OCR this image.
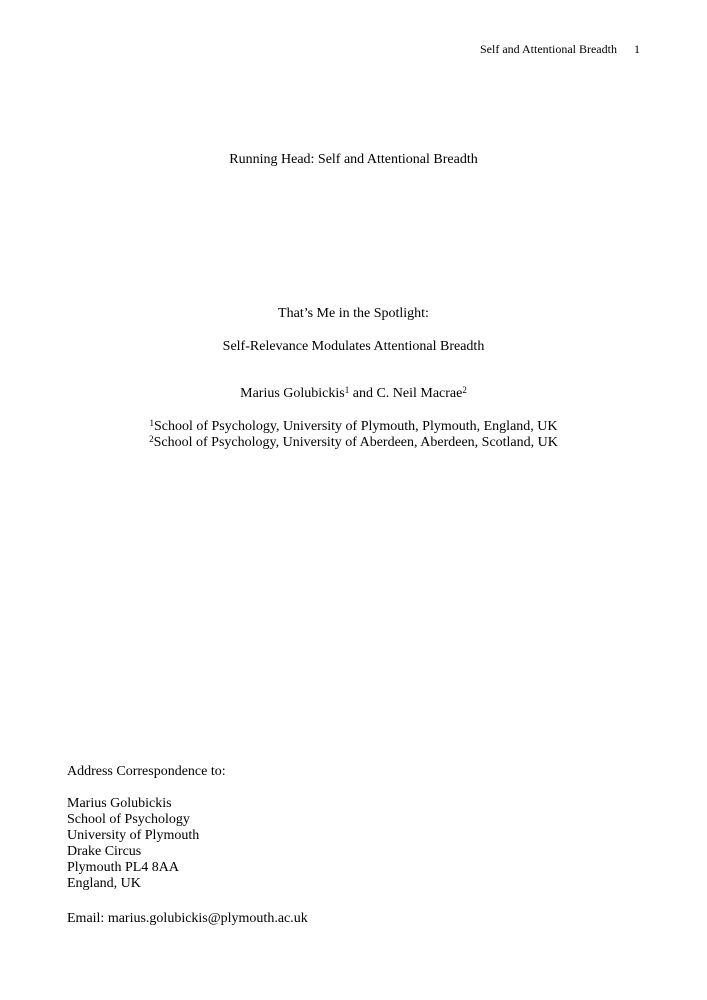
Self and Attentional Breadth 1
Running Head: Self and Attentional Breadth
That’s Me in the Spotlight:
Self-Relevance Modulates Attentional Breadth
Marius Golubickis$^1$ and C. Neil Macrae$^2$
$^1$School of Psychology, University of Plymouth, Plymouth, England, UK
$^2$School of Psychology, University of Aberdeen, Aberdeen, Scotland, UK
Address Correspondence to:
Marius Golubickis
School of Psychology
University of Plymouth
Drake Circus
Plymouth PL4 8AA
England, UK
Email: marius.golubickis@plymouth.ac.uk
